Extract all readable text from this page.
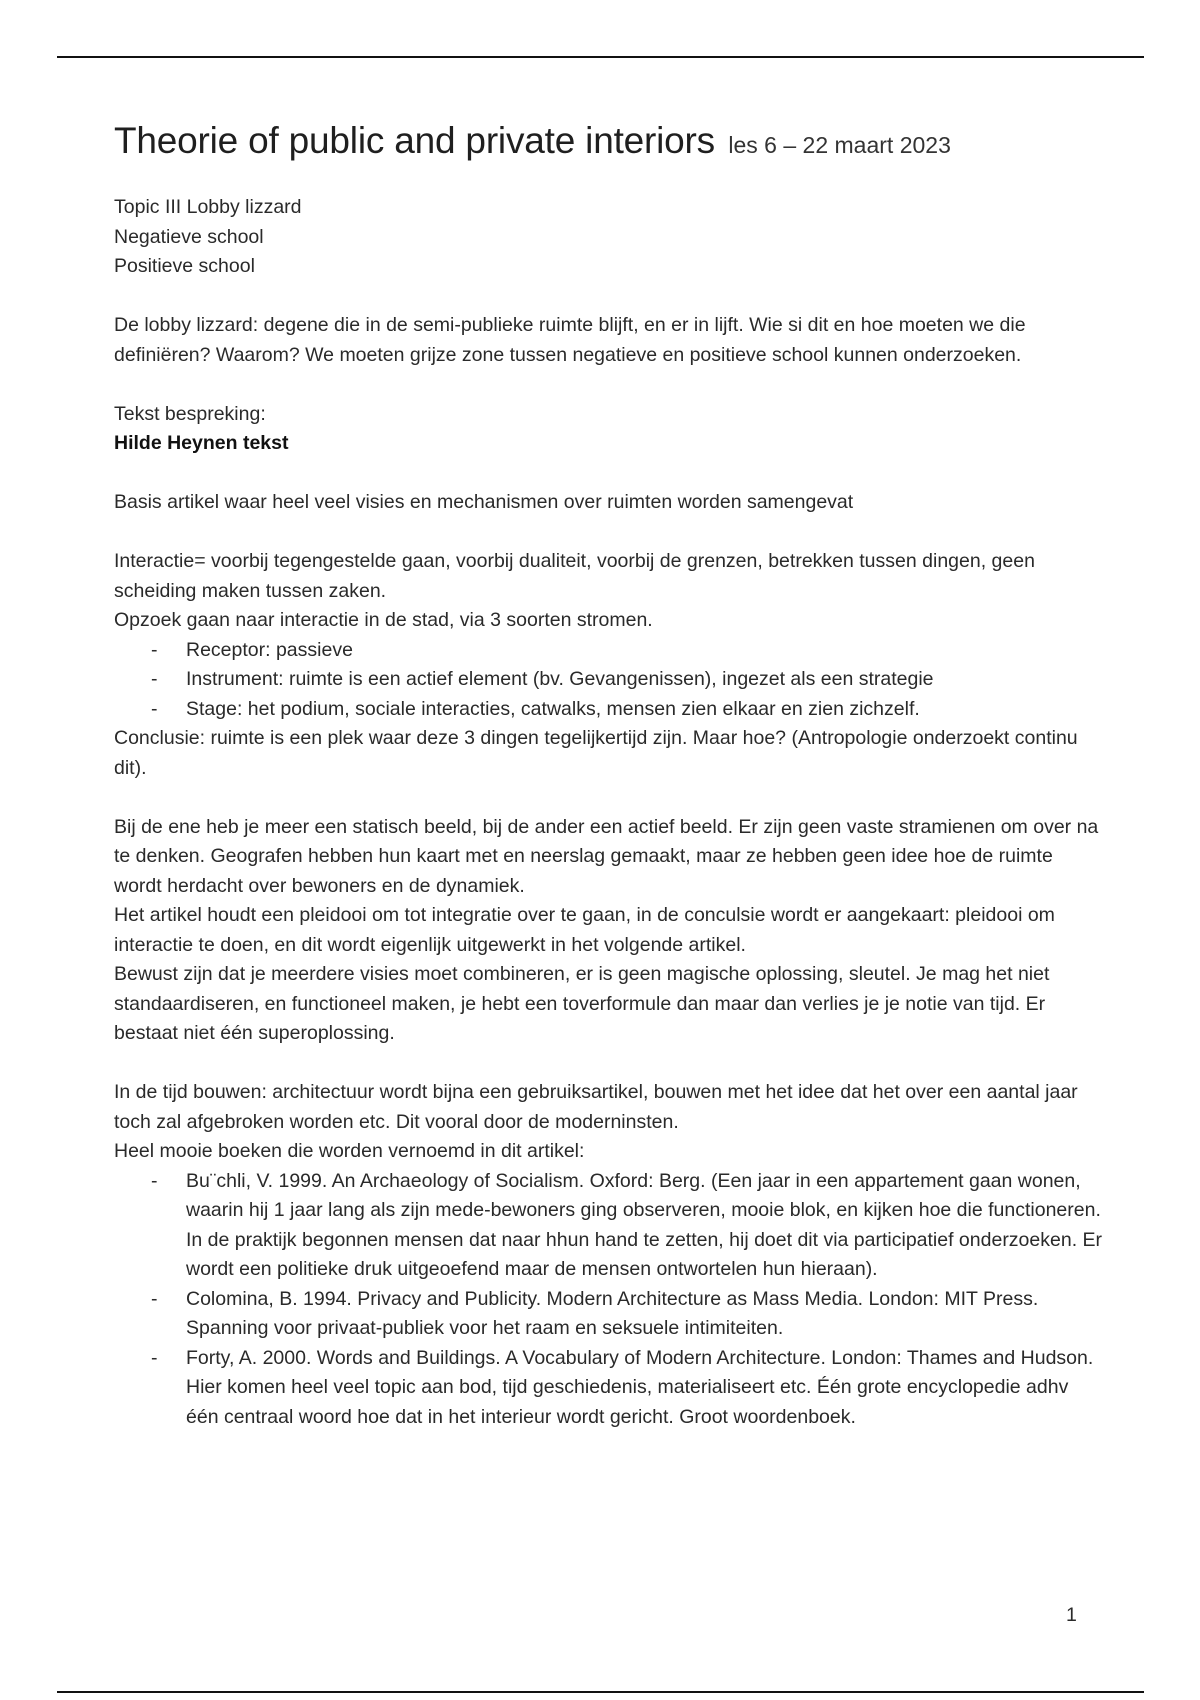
Theorie of public and private interiors les 6 – 22 maart 2023

Topic III Lobby lizzard

Negatieve school

Positieve school

De lobby lizzard: degene die in de semi-publieke ruimte blijft, en er in lijft. Wie si dit en hoe moeten we die definiëren? Waarom? We moeten grijze zone tussen negatieve en positieve school kunnen onderzoeken.

Tekst bespreking:

Hilde Heynen tekst

Basis artikel waar heel veel visies en mechanismen over ruimten worden samengevat

Interactie= voorbij tegengestelde gaan, voorbij dualiteit, voorbij de grenzen, betrekken tussen dingen, geen scheiding maken tussen zaken.

Opzoek gaan naar interactie in de stad, via 3 soorten stromen.

- Receptor: passieve
- Instrument: ruimte is een actief element (bv. Gevangenissen), ingezet als een strategie
- Stage: het podium, sociale interacties, catwalks, mensen zien elkaar en zien zichzelf.

Conclusie: ruimte is een plek waar deze 3 dingen tegelijkertijd zijn. Maar hoe? (Antropologie onderzoekt continu dit).

Bij de ene heb je meer een statisch beeld, bij de ander een actief beeld. Er zijn geen vaste stramienen om over na te denken. Geografen hebben hun kaart met en neerslag gemaakt, maar ze hebben geen idee hoe de ruimte wordt herdacht over bewoners en de dynamiek.

Het artikel houdt een pleidooi om tot integratie over te gaan, in de conculsie wordt er aangekaart: pleidooi om interactie te doen, en dit wordt eigenlijk uitgewerkt in het volgende artikel.

Bewust zijn dat je meerdere visies moet combineren, er is geen magische oplossing, sleutel. Je mag het niet standaardiseren, en functioneel maken, je hebt een toverformule dan maar dan verlies je je notie van tijd. Er bestaat niet één superoplossing.

In de tijd bouwen: architectuur wordt bijna een gebruiksartikel, bouwen met het idee dat het over een aantal jaar toch zal afgebroken worden etc. Dit vooral door de moderninsten.

Heel mooie boeken die worden vernoemd in dit artikel:

- Bu¨chli, V. 1999. An Archaeology of Socialism. Oxford: Berg. (Een jaar in een appartement gaan wonen, waarin hij 1 jaar lang als zijn mede-bewoners ging observeren, mooie blok, en kijken hoe die functioneren. In de praktijk begonnen mensen dat naar hhun hand te zetten, hij doet dit via participatief onderzoeken. Er wordt een politieke druk uitgeoefend maar de mensen ontwortelen hun hieraan).
- Colomina, B. 1994. Privacy and Publicity. Modern Architecture as Mass Media. London: MIT Press. Spanning voor privaat-publiek voor het raam en seksuele intimiteiten.
- Forty, A. 2000. Words and Buildings. A Vocabulary of Modern Architecture. London: Thames and Hudson. Hier komen heel veel topic aan bod, tijd geschiedenis, materialiseert etc. Één grote encyclopedie adhv één centraal woord hoe dat in het interieur wordt gericht. Groot woordenboek.
1
